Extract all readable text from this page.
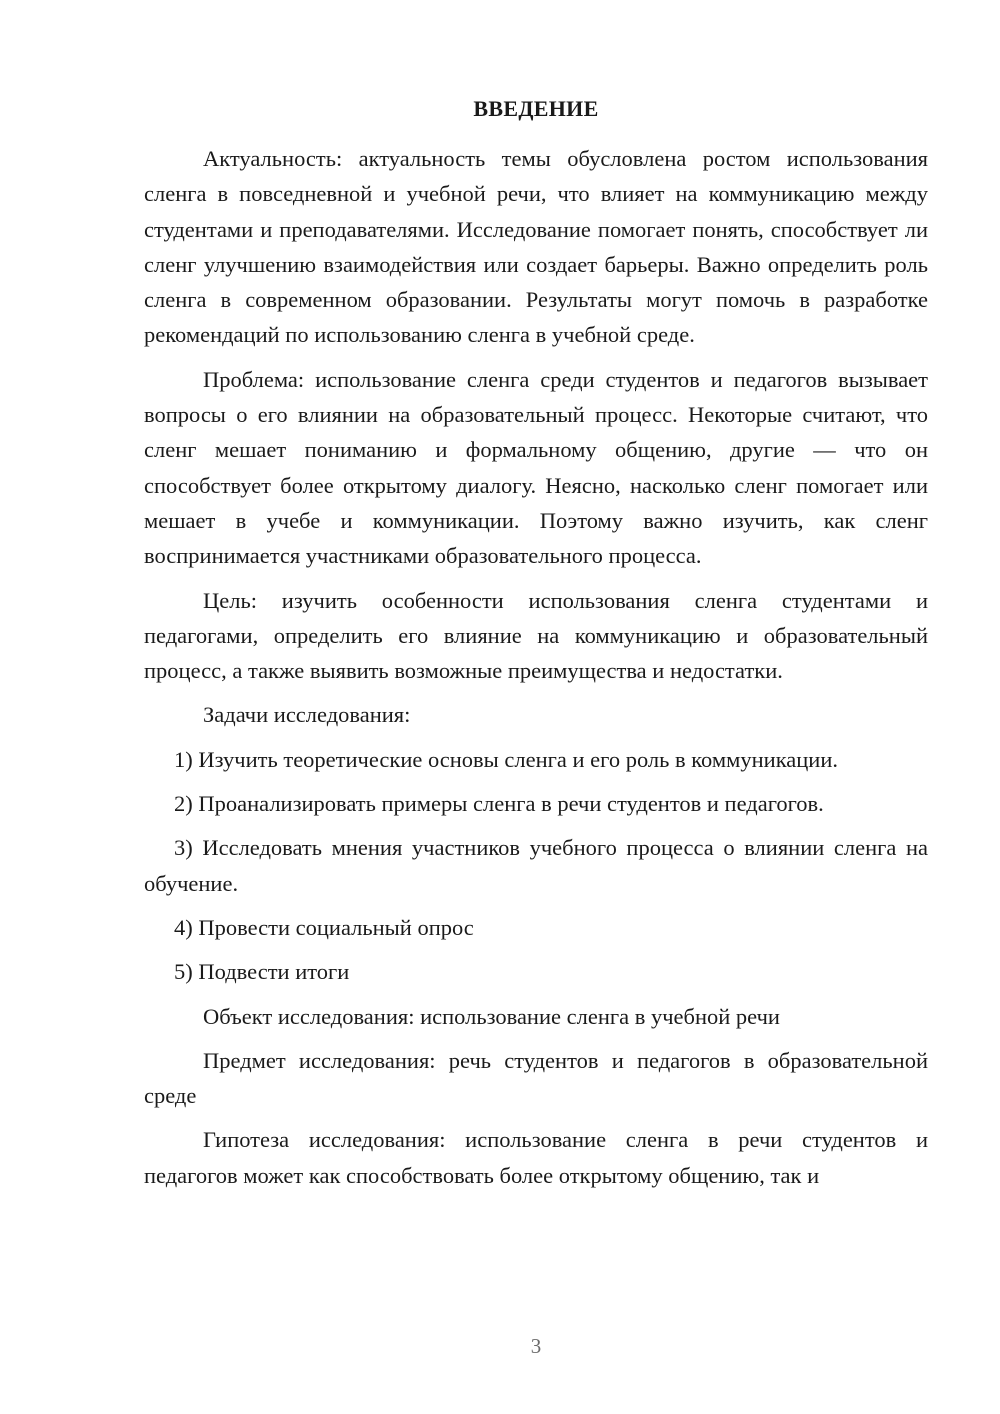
ВВЕДЕНИЕ

Актуальность: актуальность темы обусловлена ростом использования сленга в повседневной и учебной речи, что влияет на коммуникацию между студентами и преподавателями. Исследование помогает понять, способствует ли сленг улучшению взаимодействия или создает барьеры. Важно определить роль сленга в современном образовании. Результаты могут помочь в разработке рекомендаций по использованию сленга в учебной среде.

Проблема: использование сленга среди студентов и педагогов вызывает вопросы о его влиянии на образовательный процесс. Некоторые считают, что сленг мешает пониманию и формальному общению, другие — что он способствует более открытому диалогу. Неясно, насколько сленг помогает или мешает в учебе и коммуникации. Поэтому важно изучить, как сленг воспринимается участниками образовательного процесса.

Цель: изучить особенности использования сленга студентами и педагогами, определить его влияние на коммуникацию и образовательный процесс, а также выявить возможные преимущества и недостатки.

Задачи исследования:

1) Изучить теоретические основы сленга и его роль в коммуникации.

2) Проанализировать примеры сленга в речи студентов и педагогов.

3) Исследовать мнения участников учебного процесса о влиянии сленга на обучение.

4) Провести социальный опрос

5) Подвести итоги

Объект исследования: использование сленга в учебной речи

Предмет исследования: речь студентов и педагогов в образовательной среде

Гипотеза исследования: использование сленга в речи студентов и педагогов может как способствовать более открытому общению, так и

3
